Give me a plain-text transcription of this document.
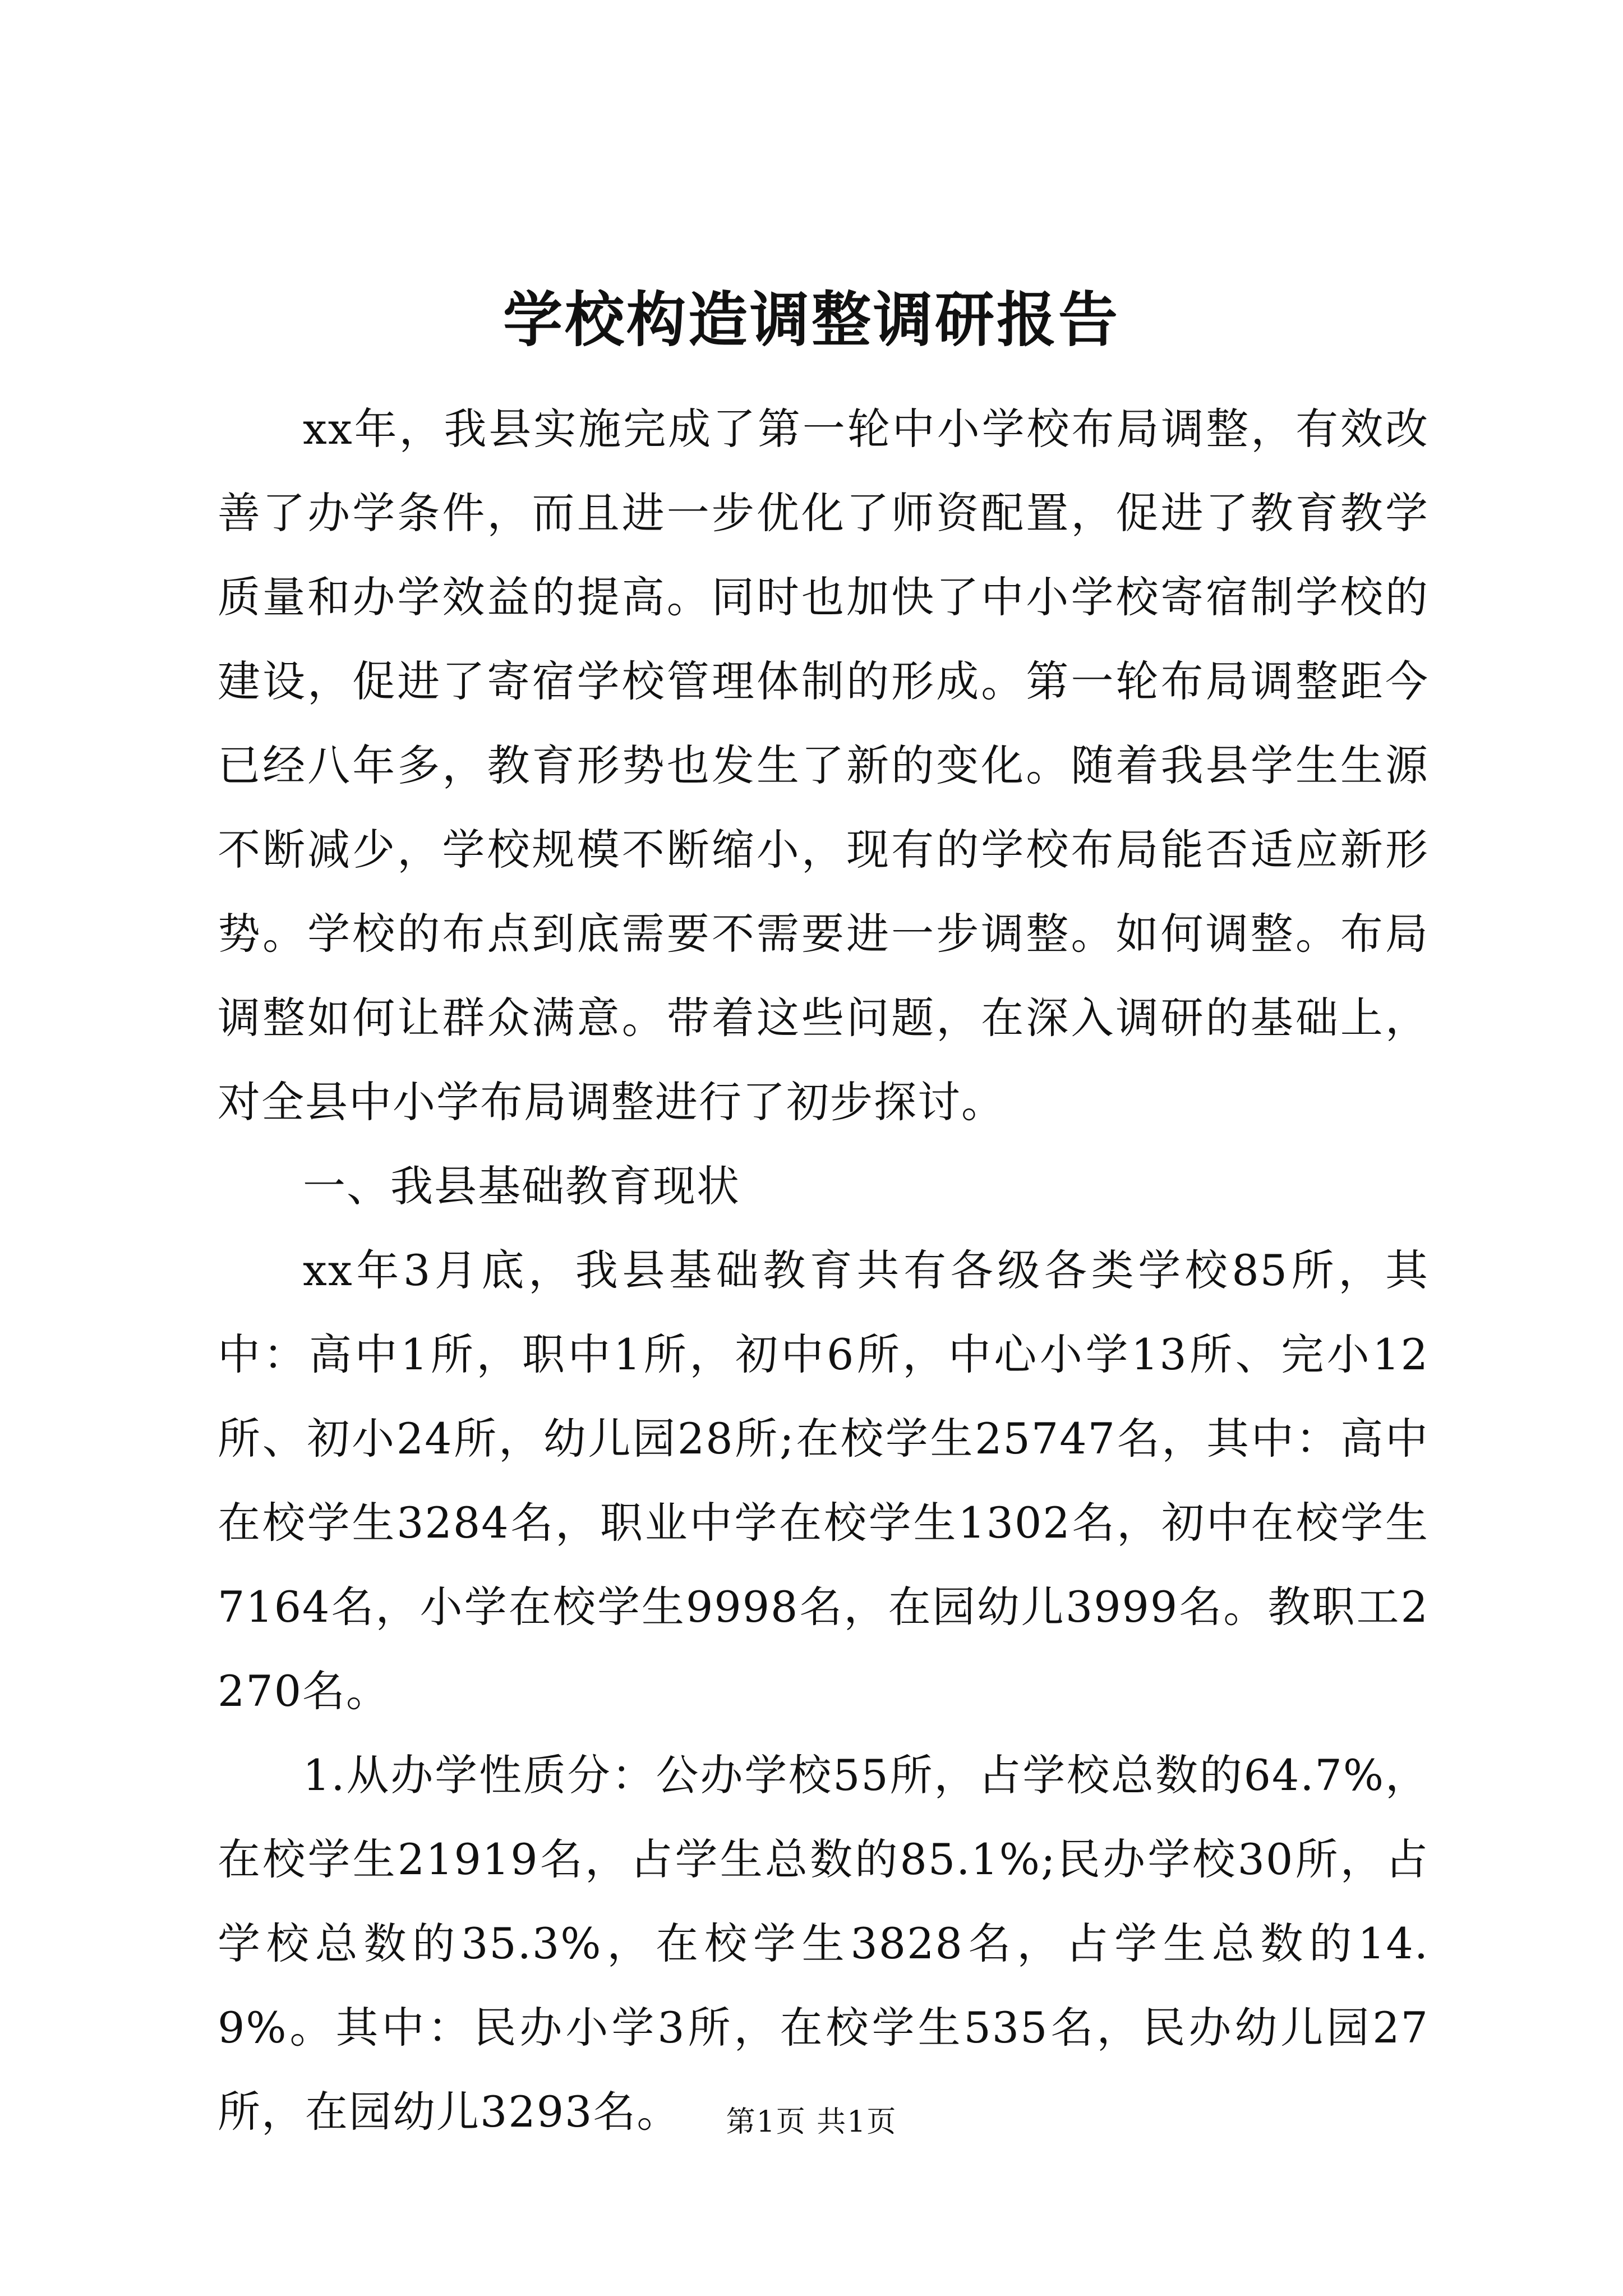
学校构造调整调研报告

xx年，我县实施完成了第一轮中小学校布局调整，有效改善了办学条件，而且进一步优化了师资配置，促进了教育教学质量和办学效益的提高。同时也加快了中小学校寄宿制学校的建设，促进了寄宿学校管理体制的形成。第一轮布局调整距今已经八年多，教育形势也发生了新的变化。随着我县学生生源不断减少，学校规模不断缩小，现有的学校布局能否适应新形势。学校的布点到底需要不需要进一步调整。如何调整。布局调整如何让群众满意。带着这些问题，在深入调研的基础上，对全县中小学布局调整进行了初步探讨。

一、我县基础教育现状

xx年3月底，我县基础教育共有各级各类学校85所，其中：高中1所，职中1所，初中6所，中心小学13所、完小12所、初小24所，幼儿园28所;在校学生25747名，其中：高中在校学生3284名，职业中学在校学生1302名，初中在校学生7164名，小学在校学生9998名，在园幼儿3999名。教职工2270名。

1.从办学性质分：公办学校55所，占学校总数的64.7%，在校学生21919名，占学生总数的85.1%;民办学校30所，占学校总数的35.3%，在校学生3828名，占学生总数的14.9%。其中：民办小学3所，在校学生535名，民办幼儿园27所，在园幼儿3293名。	第1页 共1页
